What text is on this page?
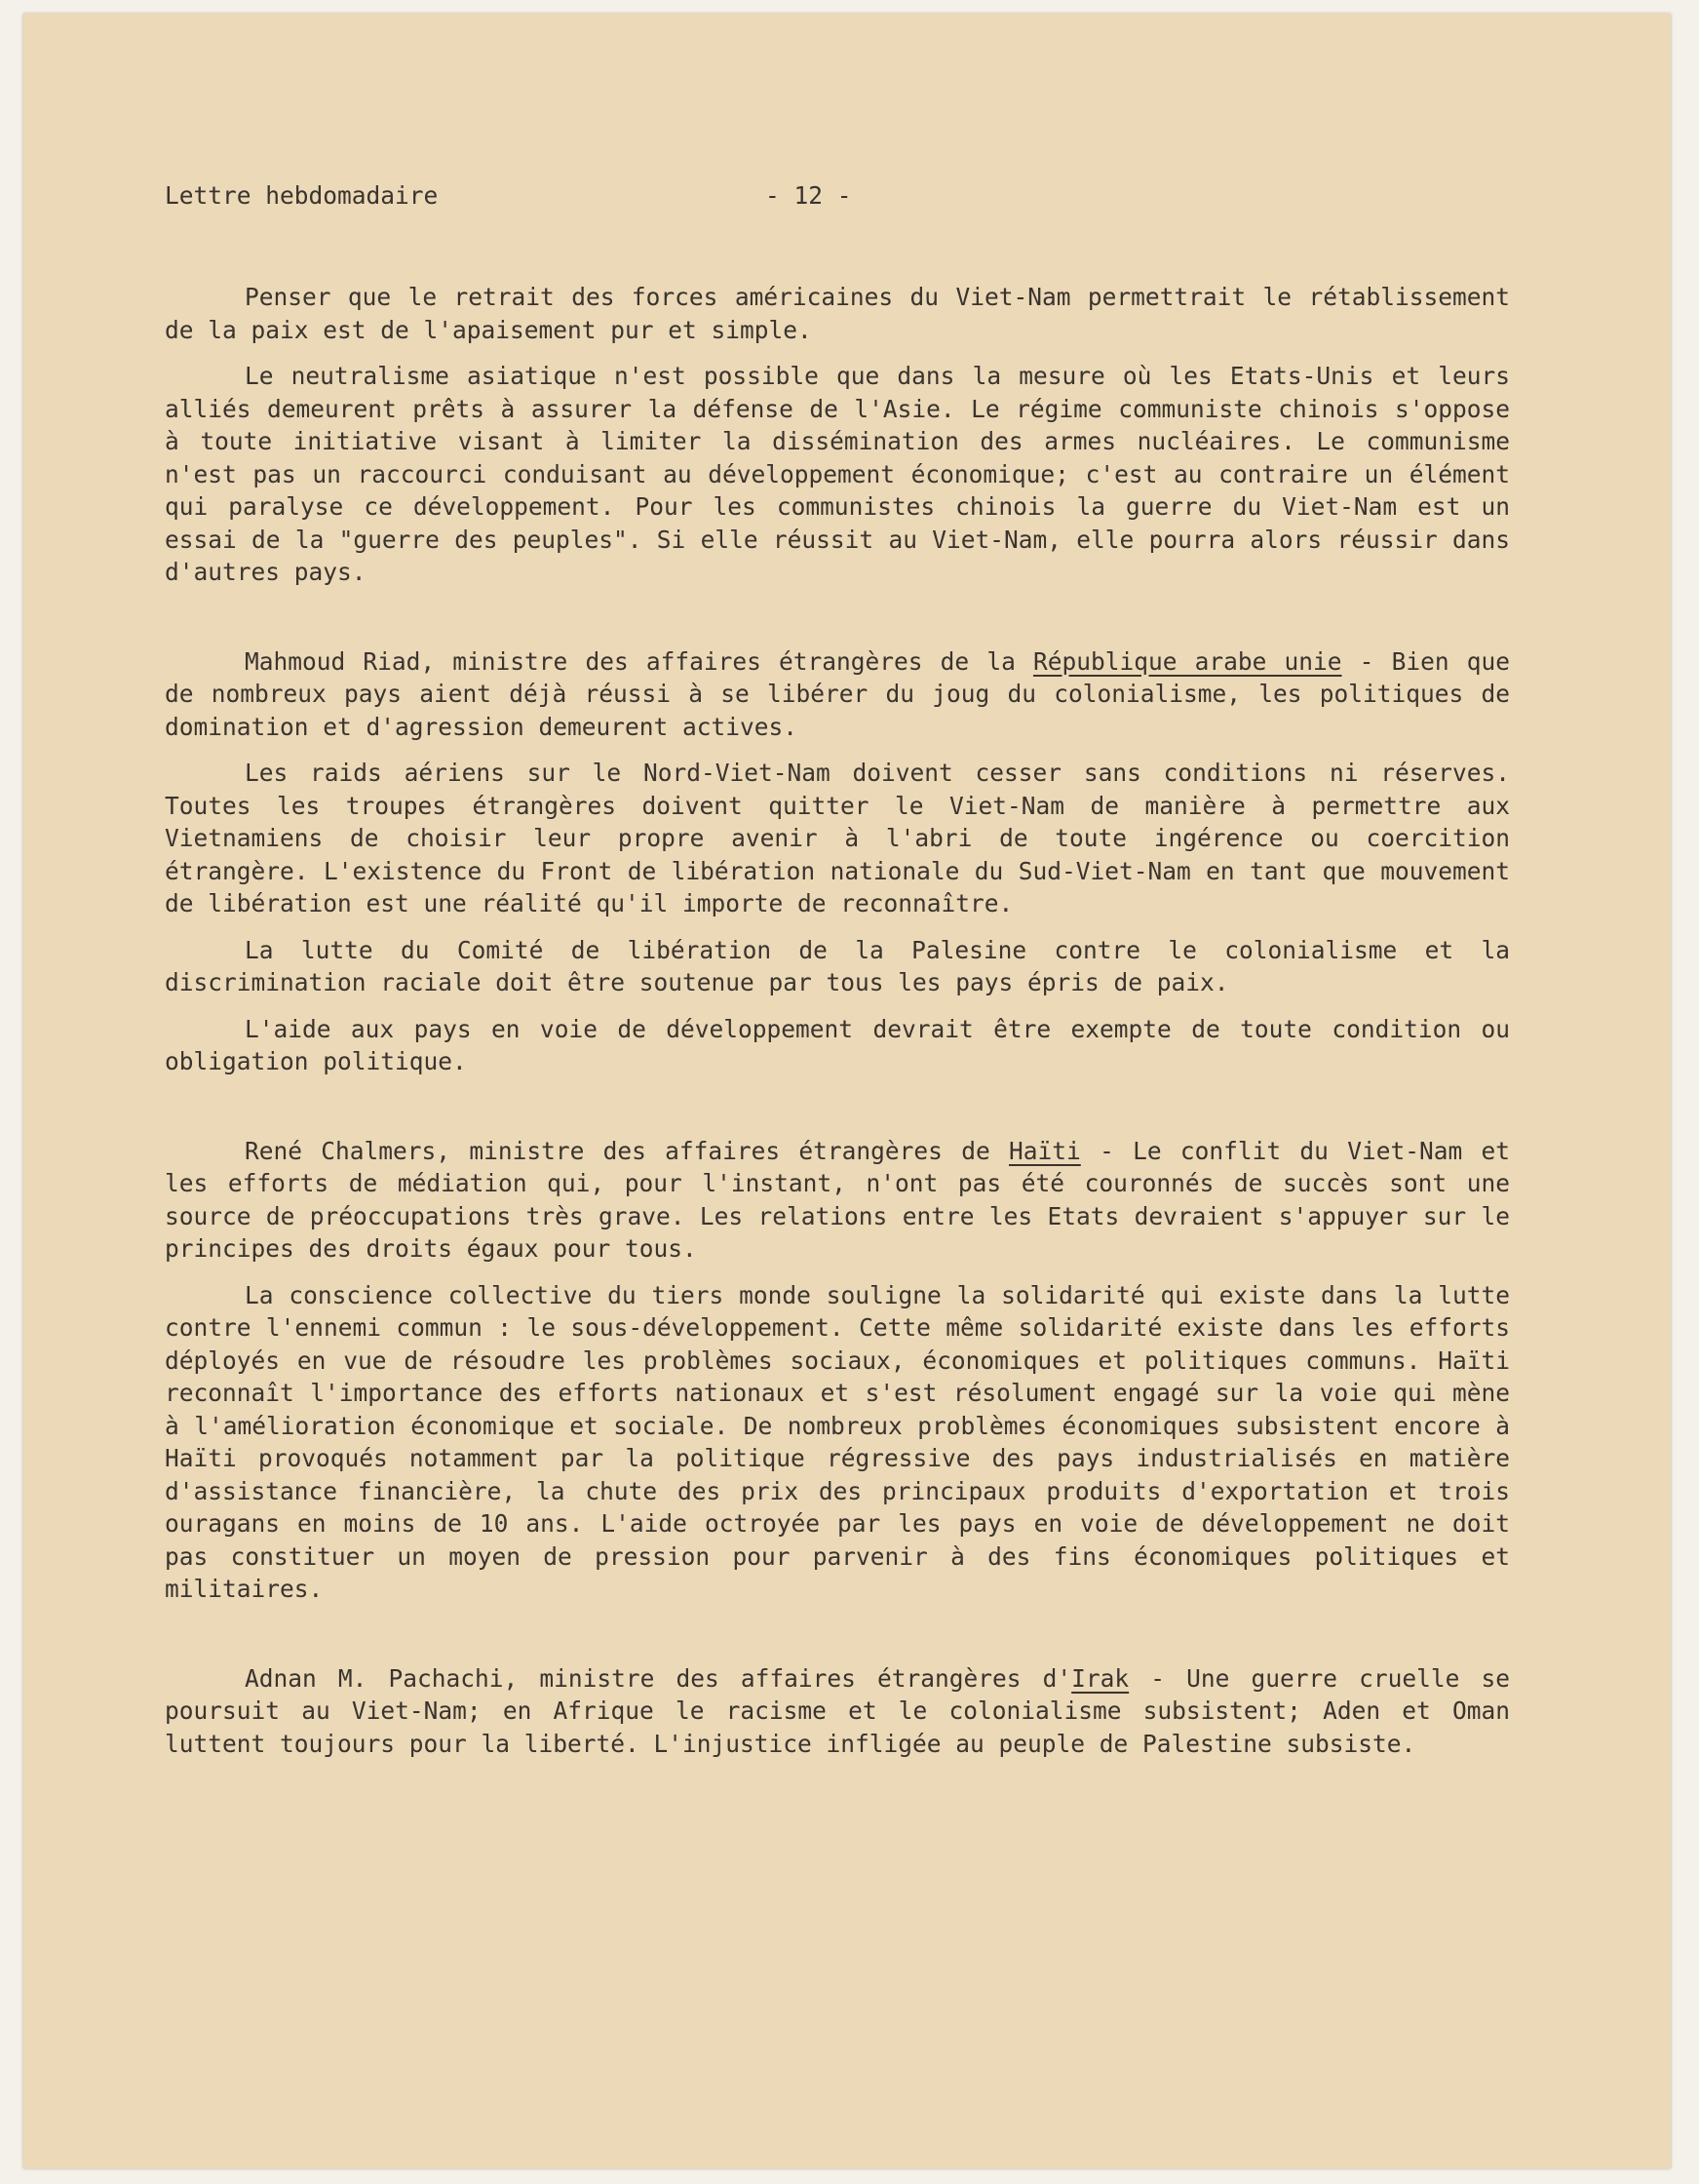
Lettre hebdomadaire	- 12 -

Penser que le retrait des forces américaines du Viet-Nam permettrait le rétablissement de la paix est de l'apaisement pur et simple.

Le neutralisme asiatique n'est possible que dans la mesure où les Etats-Unis et leurs alliés demeurent prêts à assurer la défense de l'Asie. Le régime communiste chinois s'oppose à toute initiative visant à limiter la dissémination des armes nucléaires. Le communisme n'est pas un raccourci conduisant au développement économique; c'est au contraire un élément qui paralyse ce développement. Pour les communistes chinois la guerre du Viet-Nam est un essai de la "guerre des peuples". Si elle réussit au Viet-Nam, elle pourra alors réussir dans d'autres pays.

Mahmoud Riad, ministre des affaires étrangères de la République arabe unie - Bien que de nombreux pays aient déjà réussi à se libérer du joug du colonialisme, les politiques de domination et d'agression demeurent actives.

Les raids aériens sur le Nord-Viet-Nam doivent cesser sans conditions ni réserves. Toutes les troupes étrangères doivent quitter le Viet-Nam de manière à permettre aux Vietnamiens de choisir leur propre avenir à l'abri de toute ingérence ou coercition étrangère. L'existence du Front de libération nationale du Sud-Viet-Nam en tant que mouvement de libération est une réalité qu'il importe de reconnaître.

La lutte du Comité de libération de la Palesine contre le colonialisme et la discrimination raciale doit être soutenue par tous les pays épris de paix.

L'aide aux pays en voie de développement devrait être exempte de toute condition ou obligation politique.

René Chalmers, ministre des affaires étrangères de Haïti - Le conflit du Viet-Nam et les efforts de médiation qui, pour l'instant, n'ont pas été couronnés de succès sont une source de préoccupations très grave. Les relations entre les Etats devraient s'appuyer sur le principes des droits égaux pour tous.

La conscience collective du tiers monde souligne la solidarité qui existe dans la lutte contre l'ennemi commun : le sous-développement. Cette même solidarité existe dans les efforts déployés en vue de résoudre les problèmes sociaux, économiques et politiques communs. Haïti reconnaît l'importance des efforts nationaux et s'est résolument engagé sur la voie qui mène à l'amélioration économique et sociale. De nombreux problèmes économiques subsistent encore à Haïti provoqués notamment par la politique régressive des pays industrialisés en matière d'assistance financière, la chute des prix des principaux produits d'exportation et trois ouragans en moins de 10 ans. L'aide octroyée par les pays en voie de développement ne doit pas constituer un moyen de pression pour parvenir à des fins économiques politiques et militaires.

Adnan M. Pachachi, ministre des affaires étrangères d'Irak - Une guerre cruelle se poursuit au Viet-Nam; en Afrique le racisme et le colonialisme subsistent; Aden et Oman luttent toujours pour la liberté. L'injustice infligée au peuple de Palestine subsiste.
